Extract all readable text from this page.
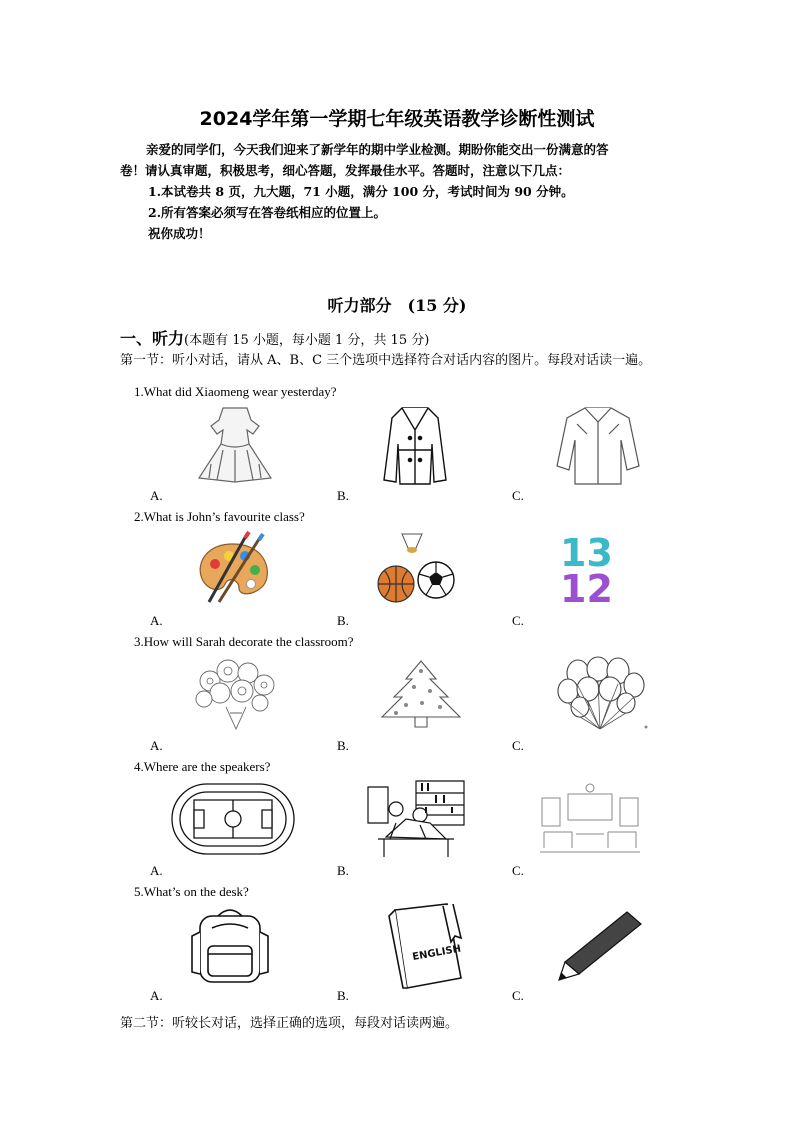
2024学年第一学期七年级英语教学诊断性测试
亲爱的同学们，今天我们迎来了新学年的期中学业检测。期盼你能交出一份满意的答
卷！请认真审题，积极思考，细心答题，发挥最佳水平。答题时，注意以下几点：
1.本试卷共 8 页，九大题，71 小题，满分 100 分，考试时间为 90 分钟。
2.所有答案必须写在答卷纸相应的位置上。
祝你成功！
听力部分　(15 分)
一、听力(本题有 15 小题，每小题 1 分，共 15 分)
第一节：听小对话，请从 A、B、C 三个选项中选择符合对话内容的图片。每段对话读一遍。
1.What did Xiaomeng wear yesterday?
A.	B.	C.
2.What is John’s favourite class?
13
12
A.	B.	C.
3.How will Sarah decorate the classroom?
A.	B.	C.
4.Where are the speakers?
A.	B.	C.
5.What’s on the desk?
ENGLISH
A.	B.	C.
第二节：听较长对话，选择正确的选项，每段对话读两遍。
